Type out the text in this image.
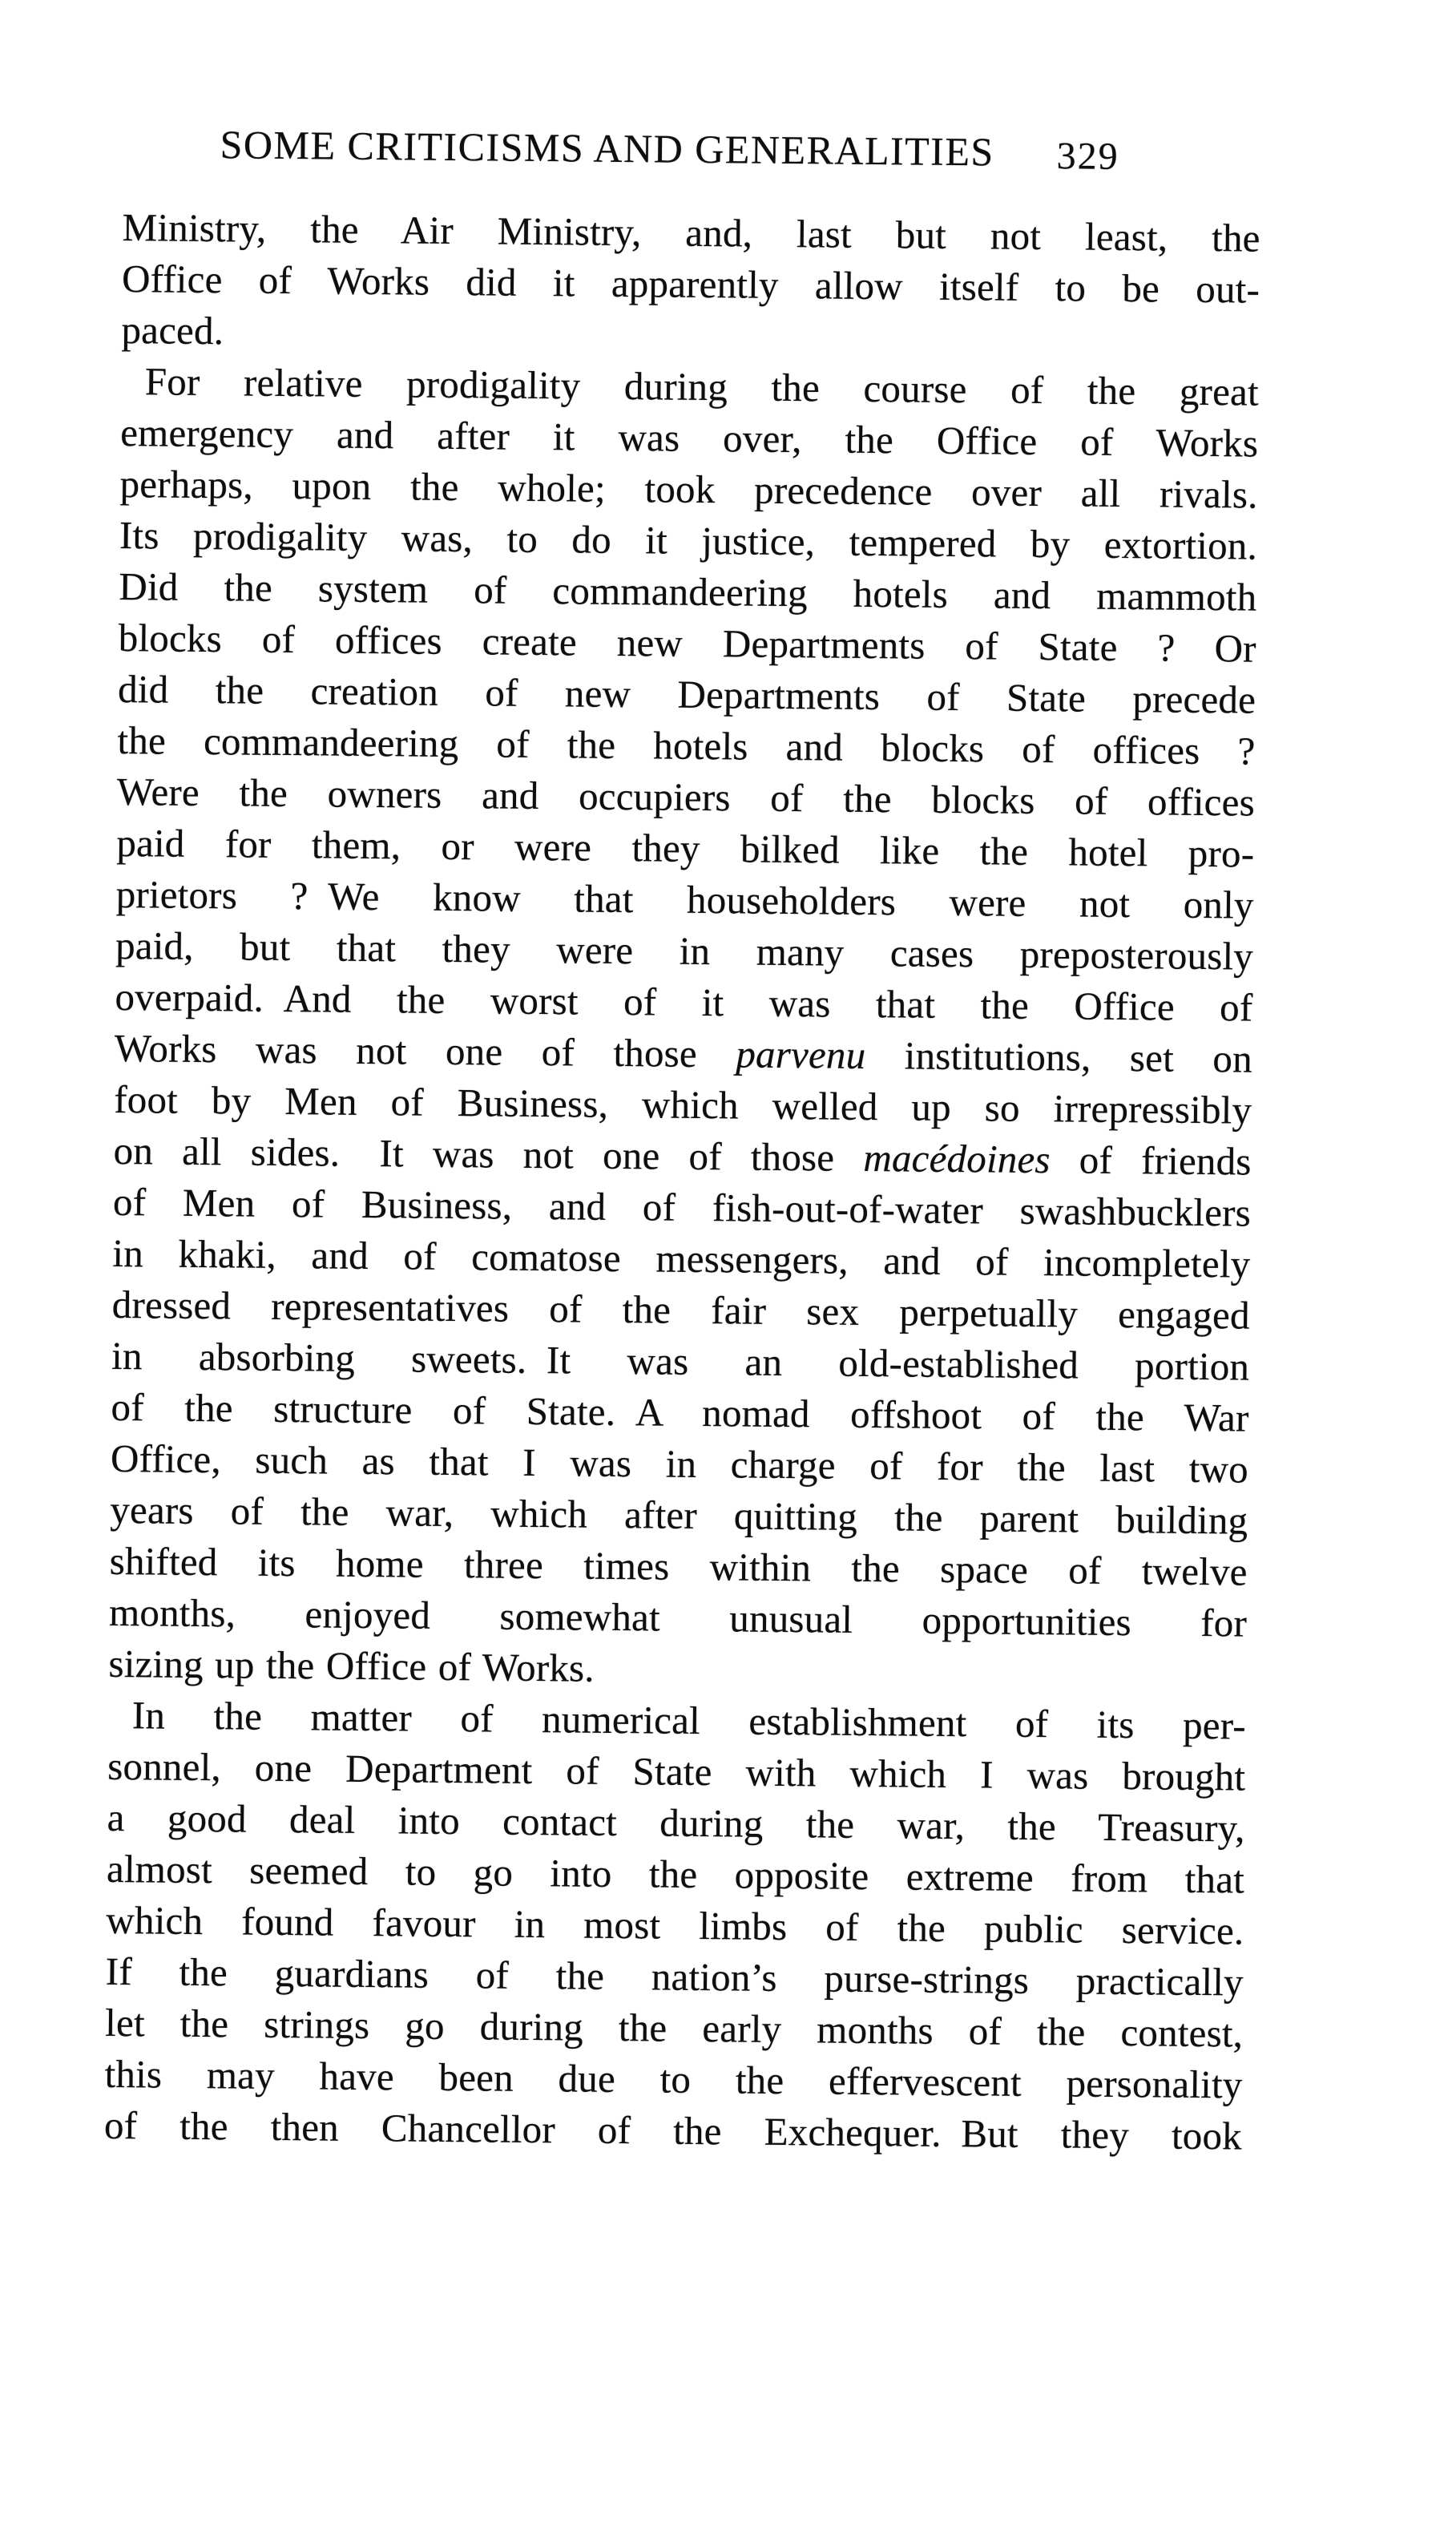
SOME CRITICISMS AND GENERALITIES 329
Ministry, the Air Ministry, and, last but not least, the
Office of Works did it apparently allow itself to be out-
paced.
For relative prodigality during the course of the great
emergency and after it was over, the Office of Works
perhaps, upon the whole; took precedence over all rivals.
Its prodigality was, to do it justice, tempered by extortion.
Did the system of commandeering hotels and mammoth
blocks of offices create new Departments of State ? Or
did the creation of new Departments of State precede
the commandeering of the hotels and blocks of offices ?
Were the owners and occupiers of the blocks of offices
paid for them, or were they bilked like the hotel pro-
prietors ? We know that householders were not only
paid, but that they were in many cases preposterously
overpaid. And the worst of it was that the Office of
Works was not one of those parvenu institutions, set on
foot by Men of Business, which welled up so irrepressibly
on all sides. It was not one of those macédoines of friends
of Men of Business, and of fish-out-of-water swashbucklers
in khaki, and of comatose messengers, and of incompletely
dressed representatives of the fair sex perpetually engaged
in absorbing sweets. It was an old-established portion
of the structure of State. A nomad offshoot of the War
Office, such as that I was in charge of for the last two
years of the war, which after quitting the parent building
shifted its home three times within the space of twelve
months, enjoyed somewhat unusual opportunities for
sizing up the Office of Works.
In the matter of numerical establishment of its per-
sonnel, one Department of State with which I was brought
a good deal into contact during the war, the Treasury,
almost seemed to go into the opposite extreme from that
which found favour in most limbs of the public service.
If the guardians of the nation’s purse-strings practically
let the strings go during the early months of the contest,
this may have been due to the effervescent personality
of the then Chancellor of the Exchequer. But they took
